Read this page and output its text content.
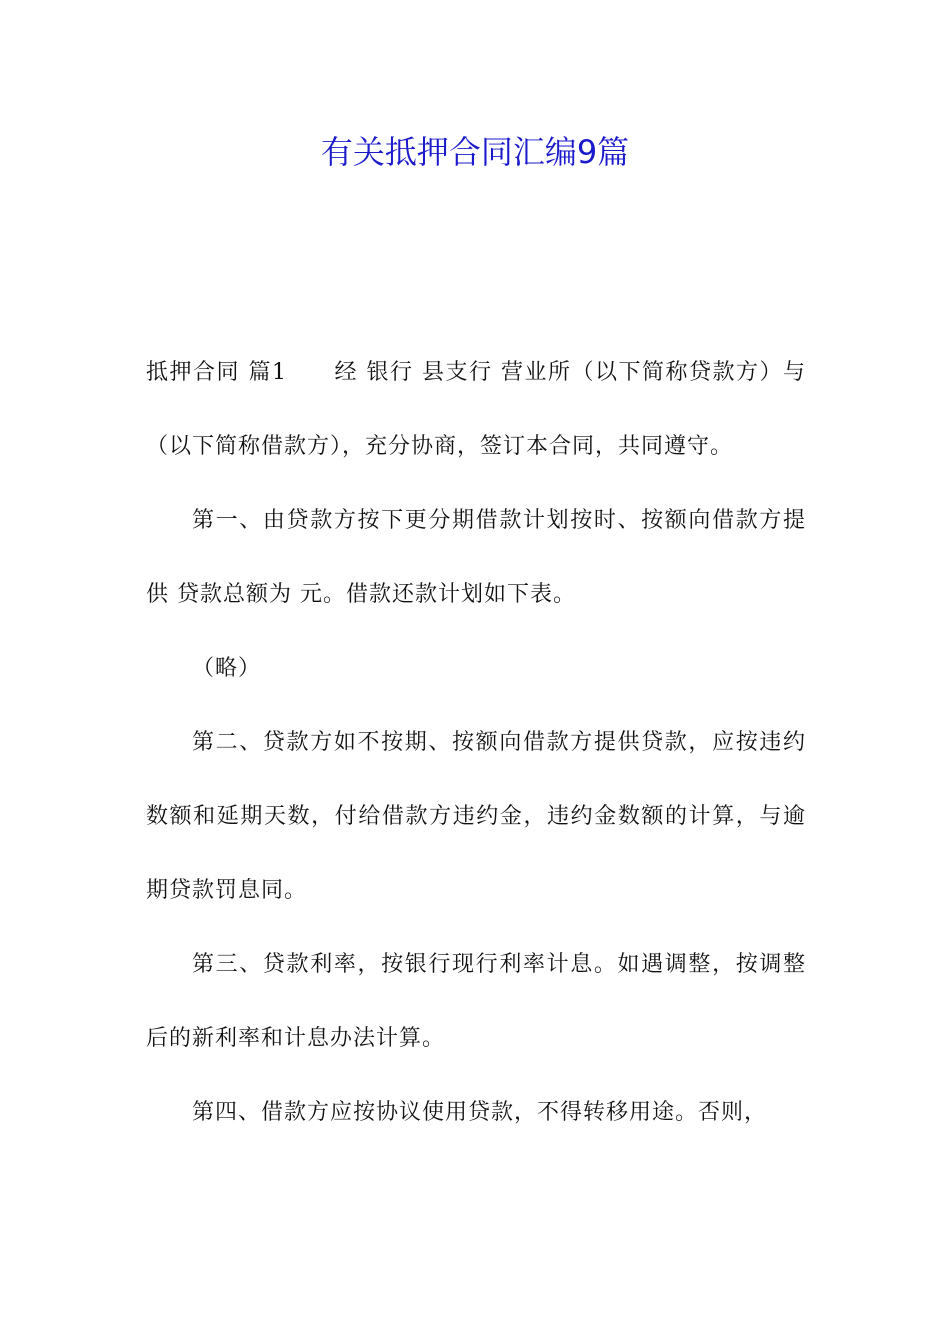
有关抵押合同汇编9篇

抵押合同 篇1　　经 银行 县支行 营业所（以下简称贷款方）与 （以下简称借款方），充分协商，签订本合同，共同遵守。

第一、由贷款方按下更分期借款计划按时、按额向借款方提供 贷款总额为 元。借款还款计划如下表。

（略）

第二、贷款方如不按期、按额向借款方提供贷款，应按违约数额和延期天数，付给借款方违约金，违约金数额的计算，与逾期贷款罚息同。

第三、贷款利率，按银行现行利率计息。如遇调整，按调整后的新利率和计息办法计算。

第四、借款方应按协议使用贷款，不得转移用途。否则，
